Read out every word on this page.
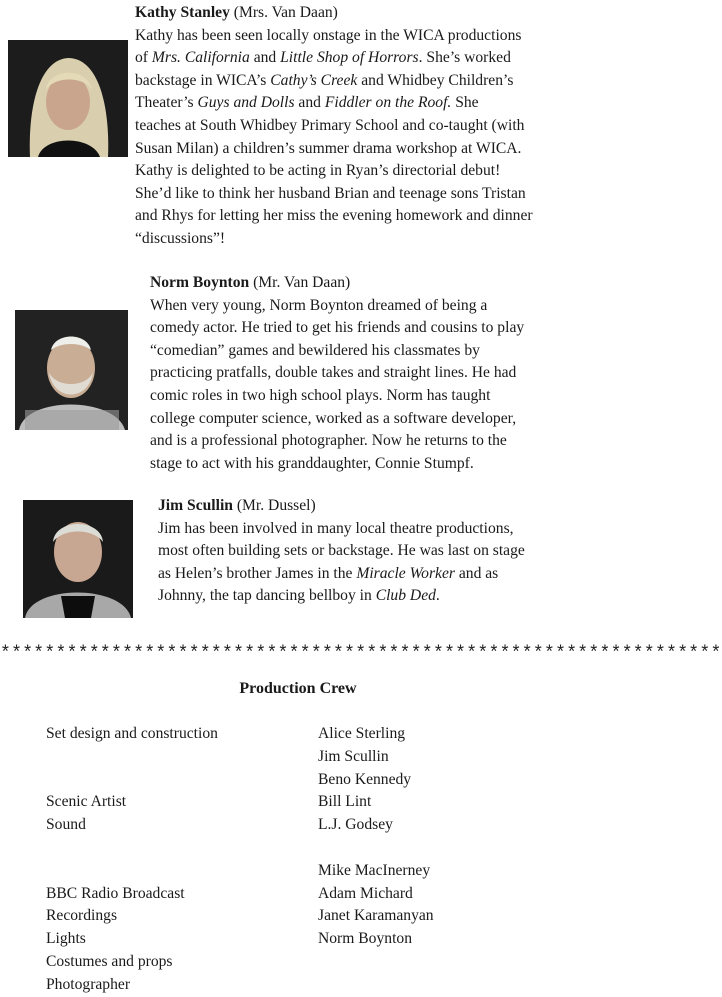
Kathy Stanley (Mrs. Van Daan)

Kathy has been seen locally onstage in the WICA productions

of Mrs. California and Little Shop of Horrors. She’s worked

backstage in WICA’s Cathy’s Creek and Whidbey Children’s

Theater’s Guys and Dolls and Fiddler on the Roof. She

teaches at South Whidbey Primary School and co-taught (with

Susan Milan) a children’s summer drama workshop at WICA.

Kathy is delighted to be acting in Ryan’s directorial debut!

She’d like to think her husband Brian and teenage sons Tristan

and Rhys for letting her miss the evening homework and dinner

“discussions”!

Norm Boynton (Mr. Van Daan)

When very young, Norm Boynton dreamed of being a

comedy actor. He tried to get his friends and cousins to play

“comedian” games and bewildered his classmates by

practicing pratfalls, double takes and straight lines. He had

comic roles in two high school plays. Norm has taught

college computer science, worked as a software developer,

and is a professional photographer. Now he returns to the

stage to act with his granddaughter, Connie Stumpf.

Jim Scullin (Mr. Dussel)

Jim has been involved in many local theatre productions,

most often building sets or backstage. He was last on stage

as Helen’s brother James in the Miracle Worker and as

Johnny, the tap dancing bellboy in Club Ded.

*****************************************************************
Production Crew
Set design and construction

Scenic Artist
Sound

BBC Radio Broadcast
Recordings
Lights
Costumes and props
Photographer
Alice Sterling
Jim Scullin
Beno Kennedy
Bill Lint
L.J. Godsey

Mike MacInerney
Adam Michard
Janet Karamanyan
Norm Boynton
